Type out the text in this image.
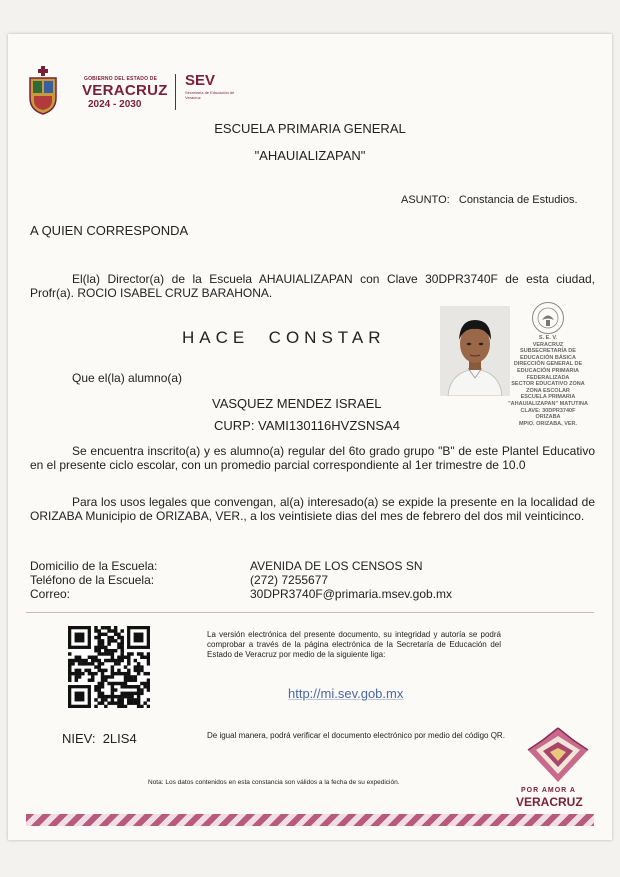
GOBIERNO DEL ESTADO DE
VERACRUZ
2024 - 2030
SEV
Secretaría de Educación de Veracruz
ESCUELA PRIMARIA GENERAL
"AHAUIALIZAPAN"
ASUNTO: Constancia de Estudios.
A QUIEN CORRESPONDA
El(la) Director(a) de la Escuela AHAUIALIZAPAN con Clave 30DPR3740F de esta ciudad, Profr(a). ROCIO ISABEL CRUZ BARAHONA.
HACE  CONSTAR	S. E. V.
VERACRUZ
SUBSECRETARÍA DE
EDUCACIÓN BÁSICA
DIRECCIÓN GENERAL DE
EDUCACIÓN PRIMARIA
FEDERALIZADA
SECTOR EDUCATIVO ZONA
ZONA ESCOLAR
ESCUELA PRIMARIA
"AHAUIALIZAPAN" MATUTINA
CLAVE: 30DPR3740F
ORIZABA
MPIO. ORIZABA, VER.
Que el(la) alumno(a)
VASQUEZ MENDEZ ISRAEL
CURP: VAMI130116HVZSNSA4
Se encuentra inscrito(a) y es alumno(a) regular del 6to grado grupo "B" de este Plantel Educativo en el presente ciclo escolar, con un promedio parcial correspondiente al 1er trimestre de 10.0
Para los usos legales que convengan, al(a) interesado(a) se expide la presente en la localidad de ORIZABA Municipio de ORIZABA, VER., a los veintisiete dias del mes de febrero del dos mil veinticinco.
Domicilio de la Escuela:
Teléfono de la Escuela:
Correo:
AVENIDA DE LOS CENSOS SN
(272) 7255677
30DPR3740F@primaria.msev.gob.mx
La versión electrónica del presente documento, su integridad y autoría se podrá comprobar a través de la página electrónica de la Secretaría de Educación del Estado de Veracruz por medio de la siguiente liga:
http://mi.sev.gob.mx
De igual manera, podrá verificar el documento electrónico por medio del código QR.
NIEV:  2LIS4
POR AMOR A
VERACRUZ
Nota: Los datos contenidos en esta constancia son válidos a la fecha de su expedición.
